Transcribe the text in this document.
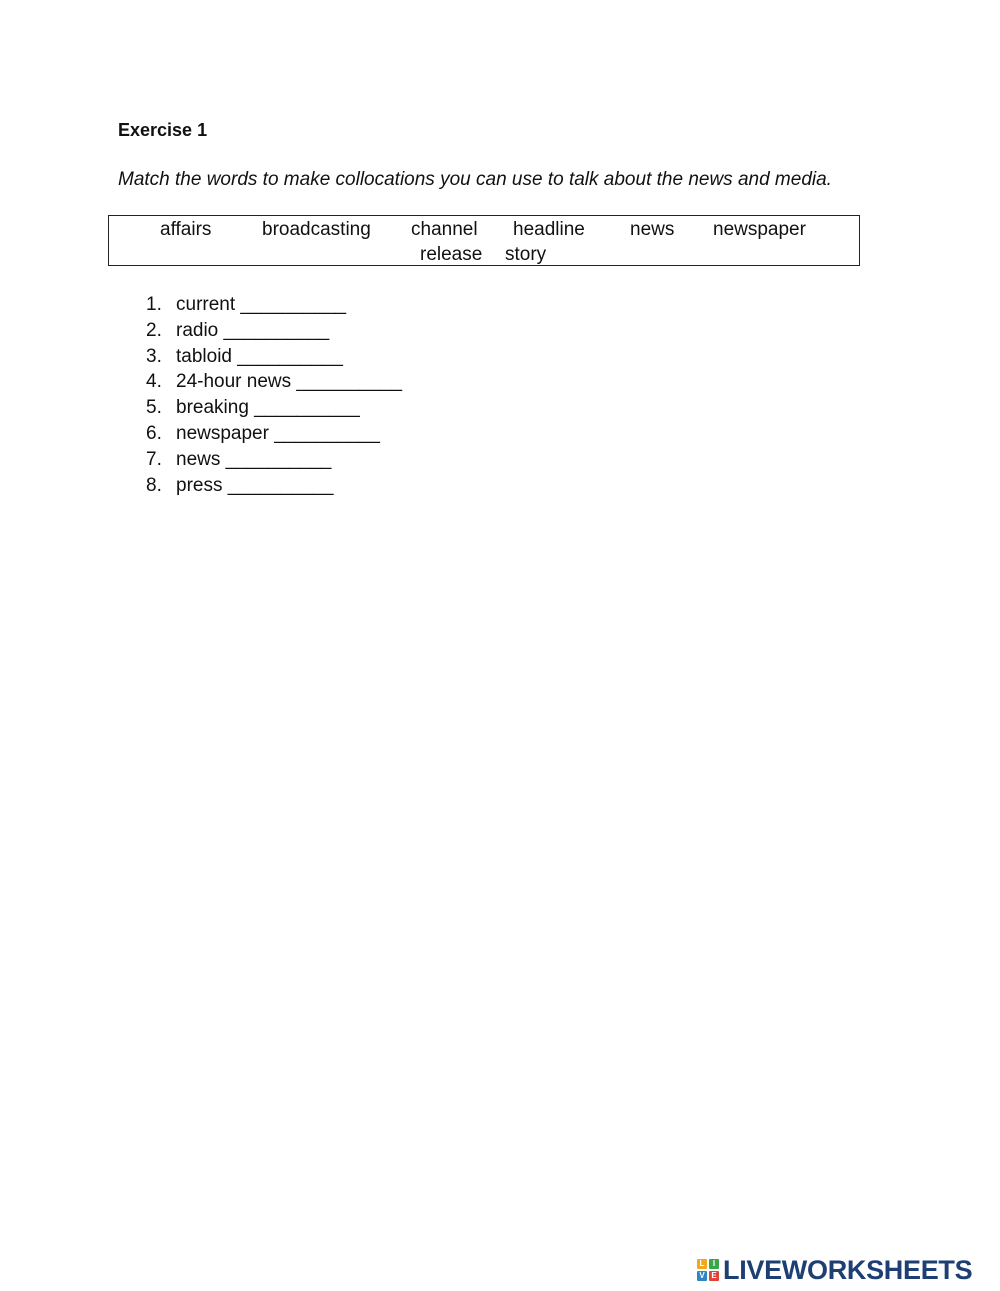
Exercise 1
Match the words to make collocations you can use to talk about the news and media.
affairs	broadcasting channel headline news newspaper
release story
1. current __________
2. radio __________
3. tabloid __________
4. 24-hour news __________
5. breaking __________
6. newspaper __________
7. news __________
8. press __________
L	I
V E LIVEWORKSHEETS
